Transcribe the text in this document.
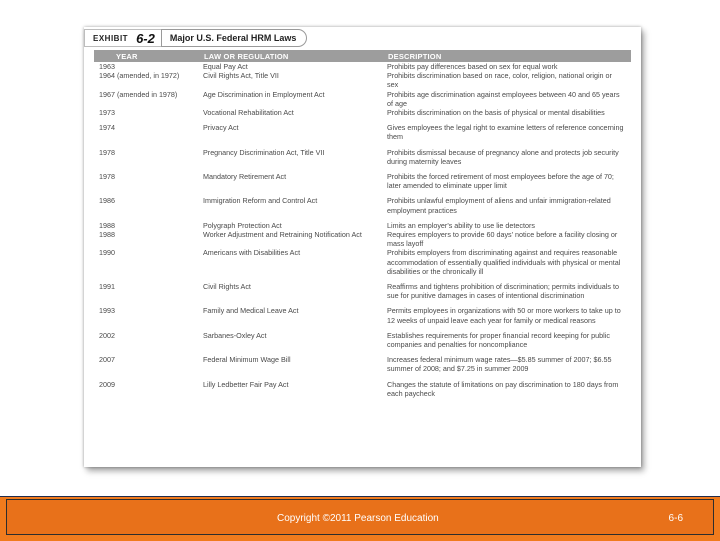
EXHIBIT 6-2	Major U.S. Federal HRM Laws
YEAR	LAW OR REGULATION	DESCRIPTION
1963	Equal Pay Act	Prohibits pay differences based on sex for equal work
1964 (amended, in 1972)	Civil Rights Act, Title VII	Prohibits discrimination based on race, color, religion, national origin or sex
1967 (amended in 1978)	Age Discrimination in Employment Act	Prohibits age discrimination against employees between 40 and 65 years of age
1973	Vocational Rehabilitation Act	Prohibits discrimination on the basis of physical or mental disabilities

1974	Privacy Act	Gives employees the legal right to examine letters of reference concerning them

1978	Pregnancy Discrimination Act, Title VII	Prohibits dismissal because of pregnancy alone and protects job security during maternity leaves

1978	Mandatory Retirement Act	Prohibits the forced retirement of most employees before the age of 70; later amended to eliminate upper limit

1986	Immigration Reform and Control Act	Prohibits unlawful employment of aliens and unfair immigration-related employment practices

1988	Polygraph Protection Act	Limits an employer's ability to use lie detectors
1988	Worker Adjustment and Retraining Notification Act	Requires employers to provide 60 days' notice before a facility closing or mass layoff
1990	Americans with Disabilities Act	Prohibits employers from discriminating against and requires reasonable accommodation of essentially qualified individuals with physical or mental disabilities or the chronically ill

1991	Civil Rights Act	Reaffirms and tightens prohibition of discrimination; permits individuals to sue for punitive damages in cases of intentional discrimination

1993	Family and Medical Leave Act	Permits employees in organizations with 50 or more workers to take up to 12 weeks of unpaid leave each year for family or medical reasons

2002	Sarbanes-Oxley Act	Establishes requirements for proper financial record keeping for public companies and penalties for noncompliance

2007	Federal Minimum Wage Bill	Increases federal minimum wage rates—$5.85 summer of 2007; $6.55 summer of 2008; and $7.25 in summer 2009

2009	Lilly Ledbetter Fair Pay Act	Changes the statute of limitations on pay discrimination to 180 days from each paycheck
Copyright ©2011 Pearson Education	6-6
